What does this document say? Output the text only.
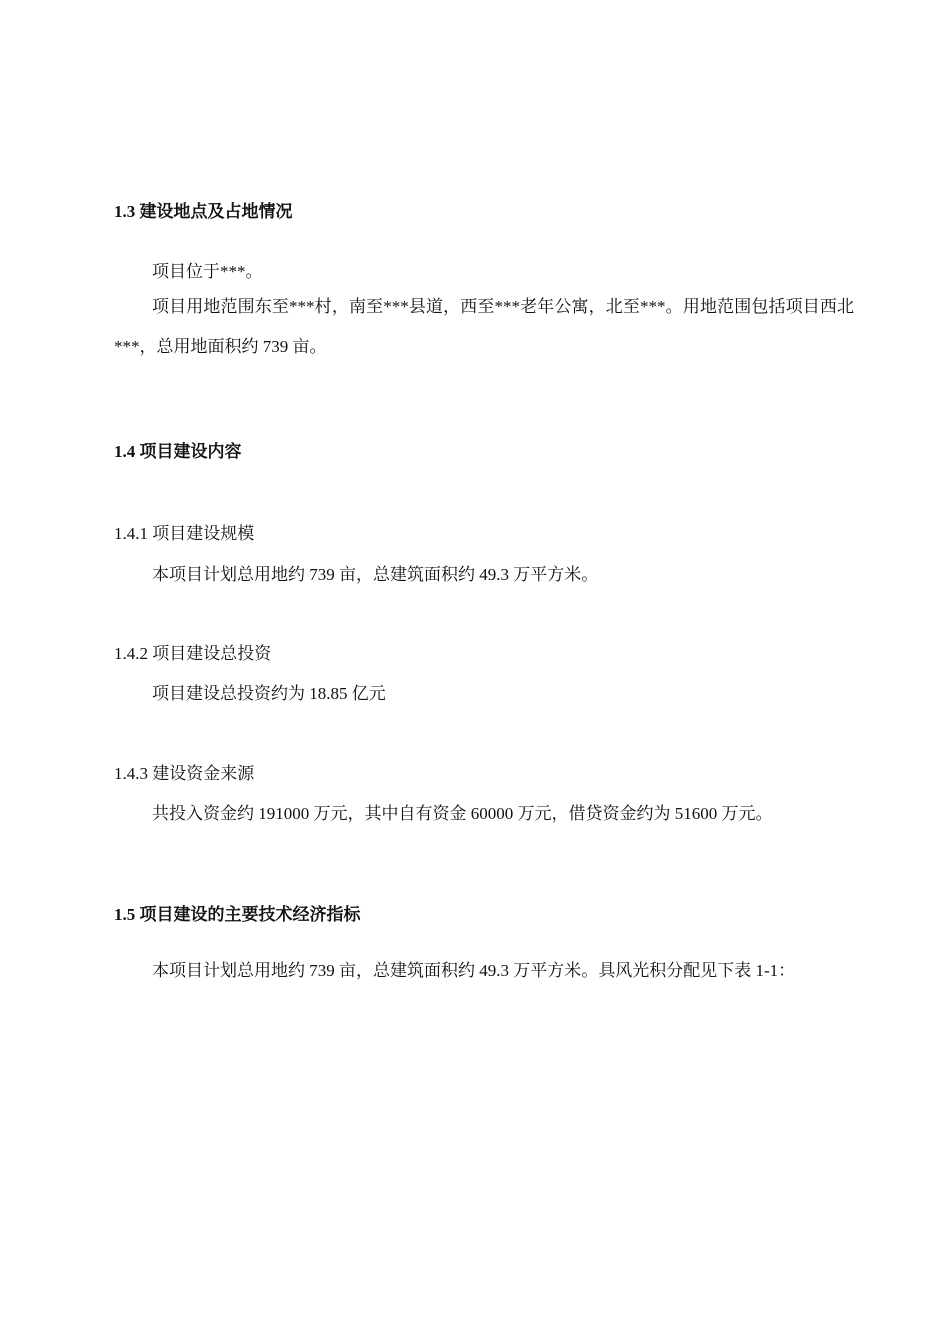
1.3 建设地点及占地情况
项目位于***。
项目用地范围东至***村，南至***县道，西至***老年公寓，北至***。用地范围包括项目西北***，总用地面积约 739 亩。
1.4 项目建设内容
1.4.1 项目建设规模
本项目计划总用地约 739 亩，总建筑面积约 49.3 万平方米。
1.4.2 项目建设总投资
项目建设总投资约为 18.85 亿元
1.4.3 建设资金来源
共投入资金约 191000 万元，其中自有资金 60000 万元，借贷资金约为 51600 万元。
1.5 项目建设的主要技术经济指标
本项目计划总用地约 739 亩，总建筑面积约 49.3 万平方米。具风光积分配见下表 1-1：
